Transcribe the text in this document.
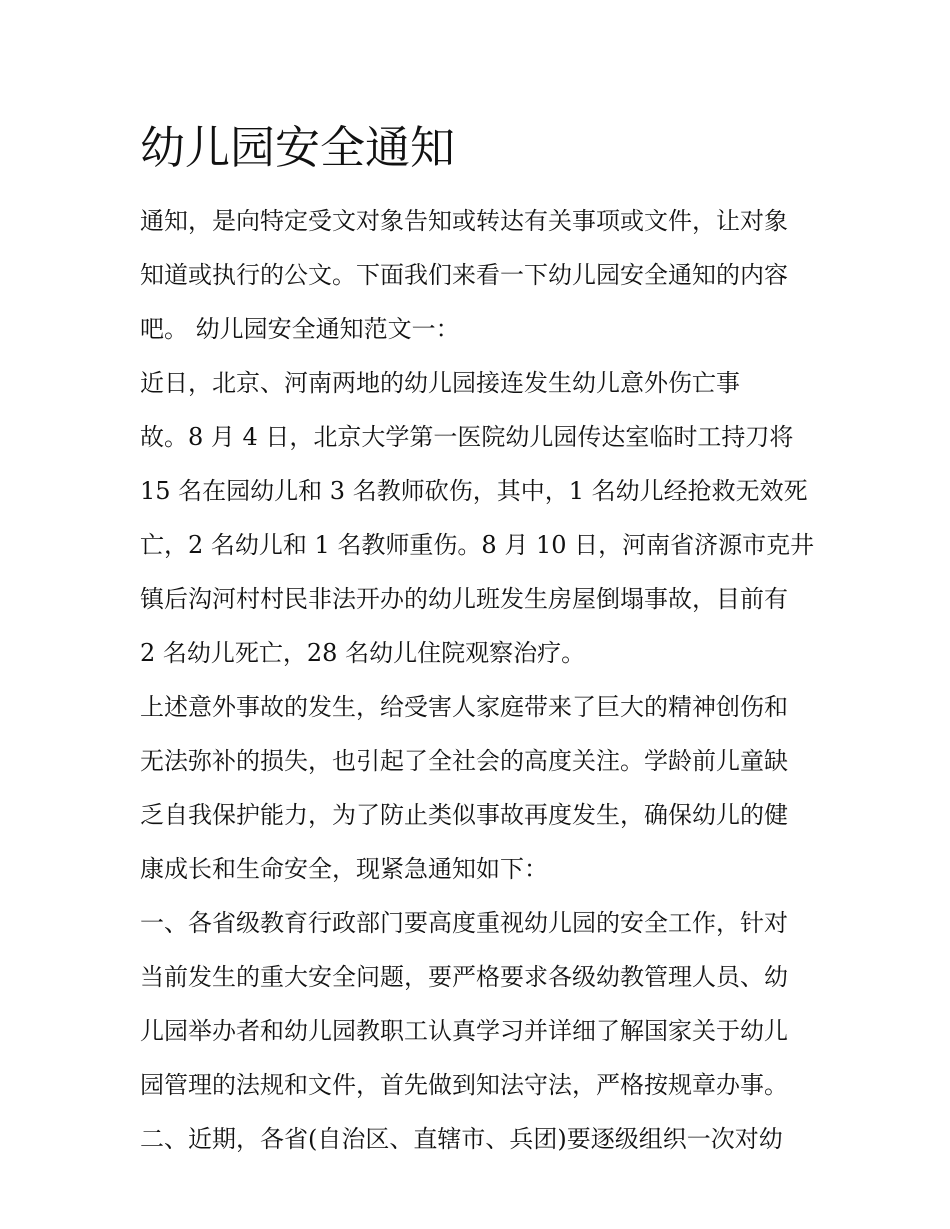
幼儿园安全通知

通知，是向特定受文对象告知或转达有关事项或文件，让对象

知道或执行的公文。下面我们来看一下幼儿园安全通知的内容

吧。 幼儿园安全通知范文一：

近日，北京、河南两地的幼儿园接连发生幼儿意外伤亡事

故。8 月 4 日，北京大学第一医院幼儿园传达室临时工持刀将

15 名在园幼儿和 3 名教师砍伤，其中，1 名幼儿经抢救无效死

亡，2 名幼儿和 1 名教师重伤。8 月 10 日，河南省济源市克井

镇后沟河村村民非法开办的幼儿班发生房屋倒塌事故，目前有

2 名幼儿死亡，28 名幼儿住院观察治疗。

上述意外事故的发生，给受害人家庭带来了巨大的精神创伤和

无法弥补的损失，也引起了全社会的高度关注。学龄前儿童缺

乏自我保护能力，为了防止类似事故再度发生，确保幼儿的健

康成长和生命安全，现紧急通知如下：

一、各省级教育行政部门要高度重视幼儿园的安全工作，针对

当前发生的重大安全问题，要严格要求各级幼教管理人员、幼

儿园举办者和幼儿园教职工认真学习并详细了解国家关于幼儿

园管理的法规和文件，首先做到知法守法，严格按规章办事。

二、近期，各省(自治区、直辖市、兵团)要逐级组织一次对幼
